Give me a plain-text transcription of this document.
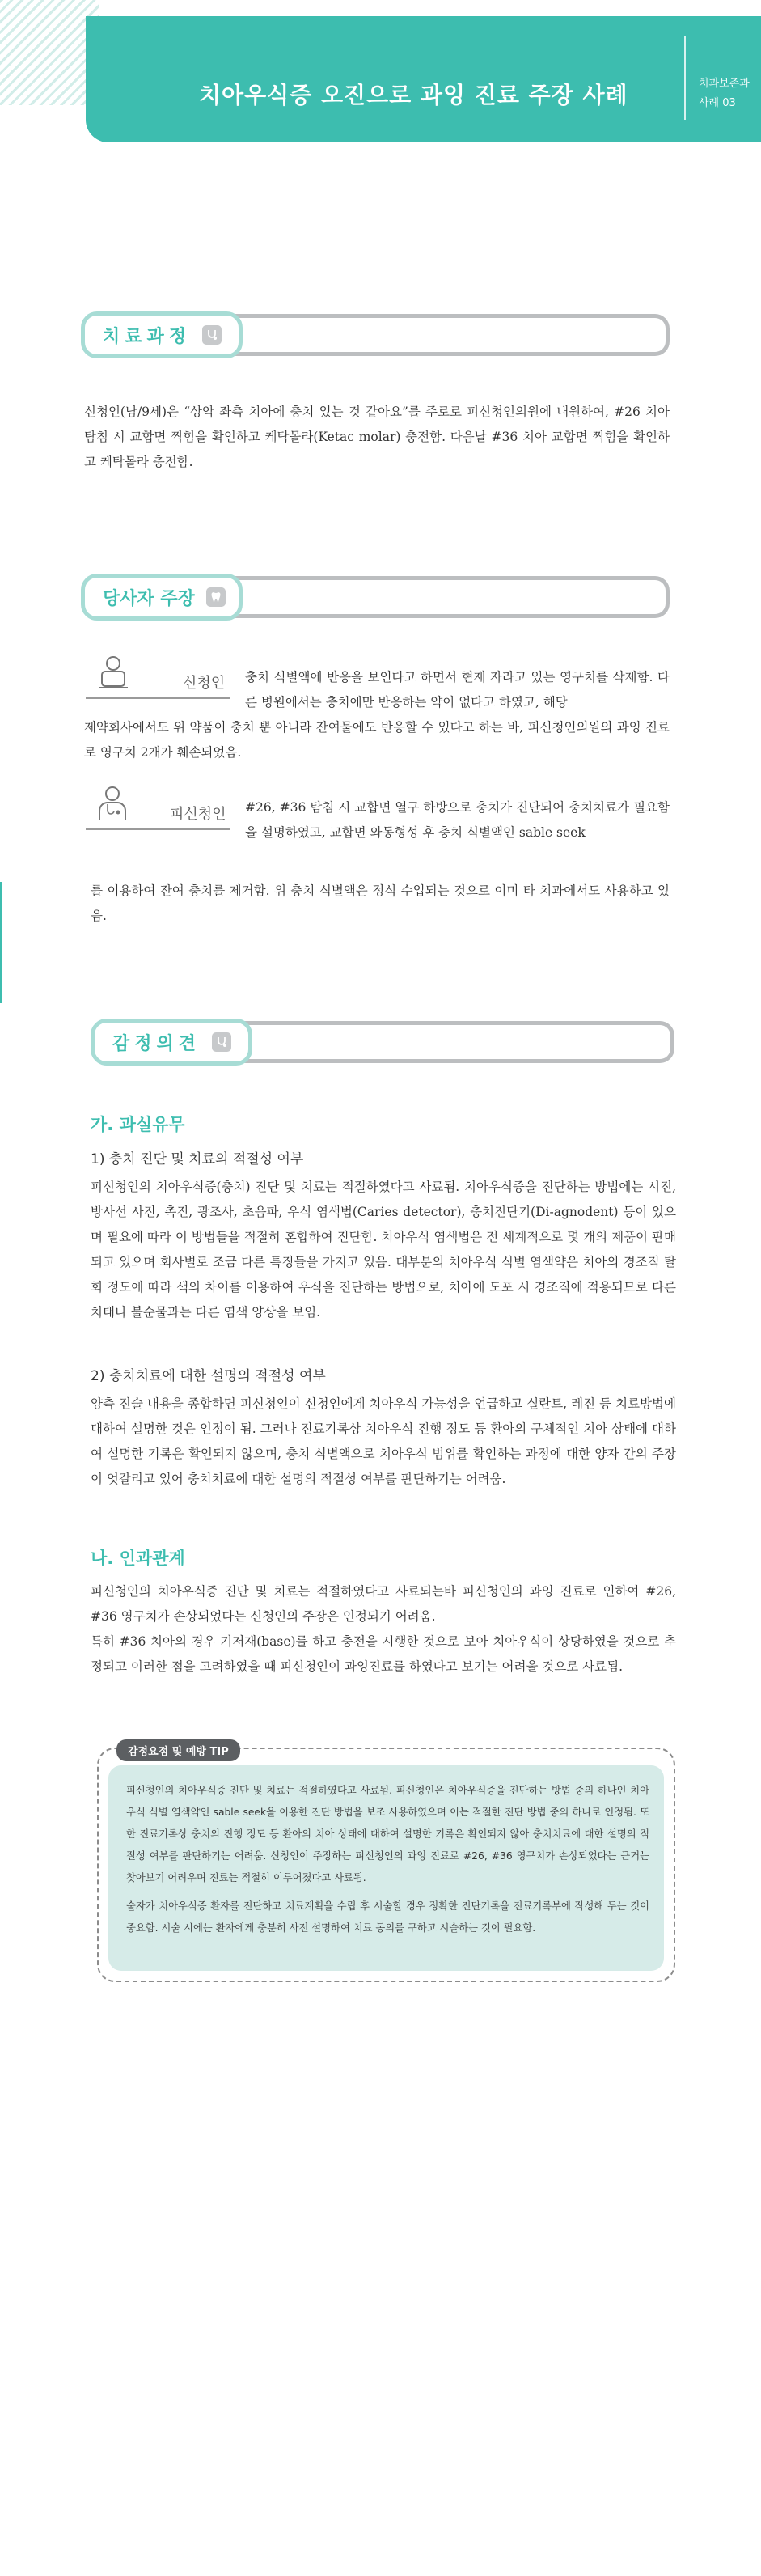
치아우식증 오진으로 과잉 진료 주장 사례	치과보존과
사례 03
치료과정
신청인(남/9세)은 “상악 좌측 치아에 충치 있는 것 같아요”를 주로로 피신청인의원에 내원하여, #26 치아 탐침 시 교합면 찍힘을 확인하고 케탁몰라(Ketac molar) 충전함. 다음날 #36 치아 교합면 찍힘을 확인하고 케탁몰라 충전함.
당사자 주장
신청인 충치 식별액에 반응을 보인다고 하면서 현재 자라고 있는 영구치를 삭제함. 다른 병원에서는 충치에만 반응하는 약이 없다고 하였고, 해당
제약회사에서도 위 약품이 충치 뿐 아니라 잔여물에도 반응할 수 있다고 하는 바, 피신청인의원의 과잉 진료로 영구치 2개가 훼손되었음.
피신청인 #26, #36 탐침 시 교합면 열구 하방으로 충치가 진단되어 충치치료가 필요함을 설명하였고, 교합면 와동형성 후 충치 식별액인 sable seek
를 이용하여 잔여 충치를 제거함. 위 충치 식별액은 정식 수입되는 것으로 이미 타 치과에서도 사용하고 있음.
감정의견
가. 과실유무
1) 충치 진단 및 치료의 적절성 여부
피신청인의 치아우식증(충치) 진단 및 치료는 적절하였다고 사료됨. 치아우식증을 진단하는 방법에는 시진, 방사선 사진, 촉진, 광조사, 초음파, 우식 염색법(Caries detector), 충치진단기(Di-agnodent) 등이 있으며 필요에 따라 이 방법들을 적절히 혼합하여 진단함. 치아우식 염색법은 전 세계적으로 몇 개의 제품이 판매되고 있으며 회사별로 조금 다른 특징들을 가지고 있음. 대부분의 치아우식 식별 염색약은 치아의 경조직 탈회 정도에 따라 색의 차이를 이용하여 우식을 진단하는 방법으로, 치아에 도포 시 경조직에 적용되므로 다른 치태나 불순물과는 다른 염색 양상을 보임.
2) 충치치료에 대한 설명의 적절성 여부
양측 진술 내용을 종합하면 피신청인이 신청인에게 치아우식 가능성을 언급하고 실란트, 레진 등 치료방법에 대하여 설명한 것은 인정이 됨. 그러나 진료기록상 치아우식 진행 정도 등 환아의 구체적인 치아 상태에 대하여 설명한 기록은 확인되지 않으며, 충치 식별액으로 치아우식 범위를 확인하는 과정에 대한 양자 간의 주장이 엇갈리고 있어 충치치료에 대한 설명의 적절성 여부를 판단하기는 어려움.
나. 인과관계
피신청인의 치아우식증 진단 및 치료는 적절하였다고 사료되는바 피신청인의 과잉 진료로 인하여 #26, #36 영구치가 손상되었다는 신청인의 주장은 인정되기 어려움.
특히 #36 치아의 경우 기저재(base)를 하고 충전을 시행한 것으로 보아 치아우식이 상당하였을 것으로 추정되고 이러한 점을 고려하였을 때 피신청인이 과잉진료를 하였다고 보기는 어려울 것으로 사료됨.

피신청인의 치아우식증 진단 및 치료는 적절하였다고 사료됨. 피신청인은 치아우식증을 진단하는 방법 중의 하나인 치아우식 식별 염색약인 sable seek을 이용한 진단 방법을 보조 사용하였으며 이는 적절한 진단 방법 중의 하나로 인정됨. 또한 진료기록상 충치의 진행 정도 등 환아의 치아 상태에 대하여 설명한 기록은 확인되지 않아 충치치료에 대한 설명의 적절성 여부를 판단하기는 어려움. 신청인이 주장하는 피신청인의 과잉 진료로 #26, #36 영구치가 손상되었다는 근거는 찾아보기 어려우며 진료는 적절히 이루어졌다고 사료됨.

술자가 치아우식증 환자를 진단하고 치료계획을 수립 후 시술할 경우 정확한 진단기록을 진료기록부에 작성해 두는 것이 중요함. 시술 시에는 환자에게 충분히 사전 설명하여 치료 동의를 구하고 시술하는 것이 필요함.

감정요점 및 예방 TIP
